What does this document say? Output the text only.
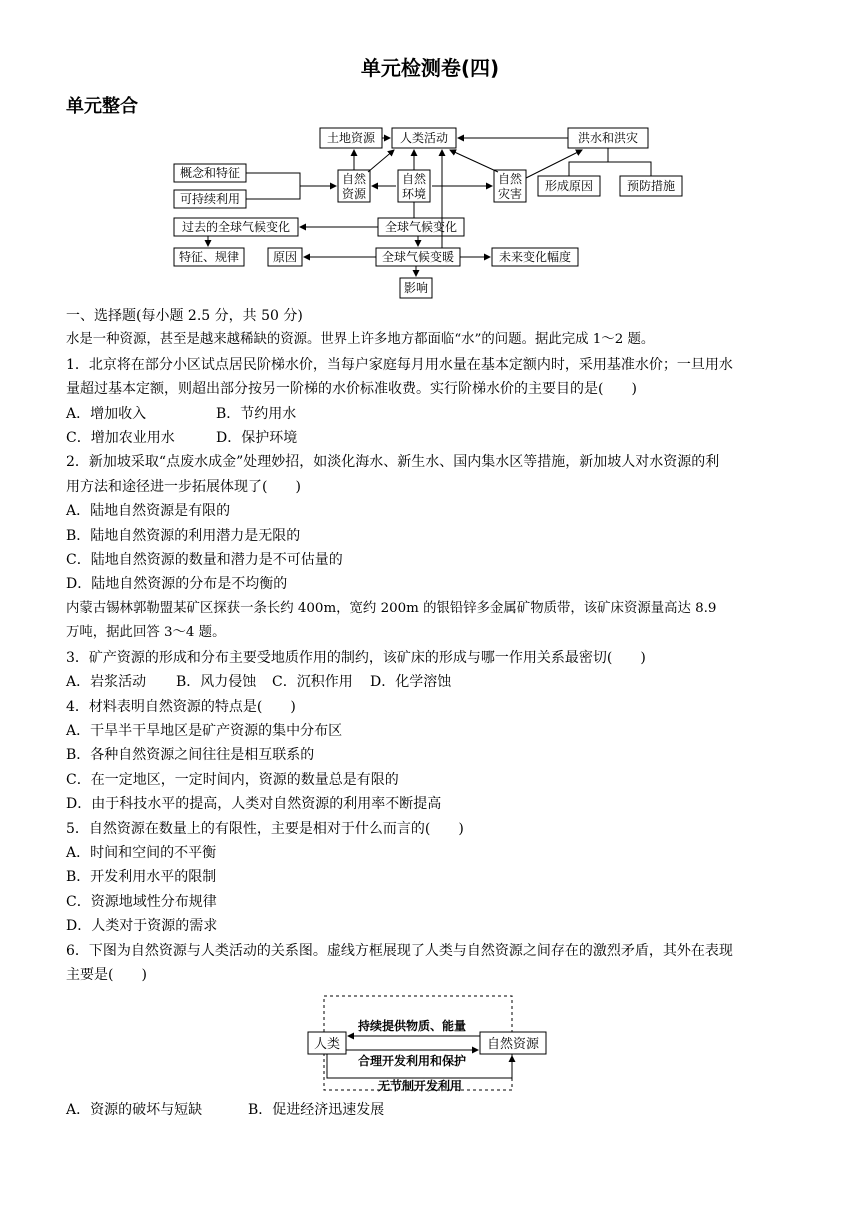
单元检测卷(四)
单元整合
土地资源 人类活动	洪水和洪灾
概念和特征
可持续利用
自然
资源
自然
环境
自然
灾害
形成原因	预防措施
过去的全球气候变化	全球气候变化
特征、规律	原因	全球气候变暖	未来变化幅度
影响

一、选择题(每小题 2.5 分，共 50 分)

水是一种资源，甚至是越来越稀缺的资源。世界上许多地方都面临“水”的问题。据此完成 1～2 题。

1．北京将在部分小区试点居民阶梯水价，当每户家庭每月用水量在基本定额内时，采用基准水价；一旦用水

量超过基本定额，则超出部分按另一阶梯的水价标准收费。实行阶梯水价的主要目的是(　　)

A．增加收入	B．节约用水

C．增加农业用水	D．保护环境

2．新加坡采取“点废水成金”处理妙招，如淡化海水、新生水、国内集水区等措施，新加坡人对水资源的利

用方法和途径进一步拓展体现了(　　)

A．陆地自然资源是有限的

B．陆地自然资源的利用潜力是无限的

C．陆地自然资源的数量和潜力是不可估量的

D．陆地自然资源的分布是不均衡的

内蒙古锡林郭勒盟某矿区探获一条长约 400m，宽约 200m 的银铅锌多金属矿物质带，该矿床资源量高达 8.9

万吨，据此回答 3～4 题。

3．矿产资源的形成和分布主要受地质作用的制约，该矿床的形成与哪一作用关系最密切(　　)

A．岩浆活动 B．风力侵蚀 C．沉积作用 D．化学溶蚀

4．材料表明自然资源的特点是(　　)

A．干旱半干旱地区是矿产资源的集中分布区

B．各种自然资源之间往往是相互联系的

C．在一定地区，一定时间内，资源的数量总是有限的

D．由于科技水平的提高，人类对自然资源的利用率不断提高

5．自然资源在数量上的有限性，主要是相对于什么而言的(　　)

A．时间和空间的不平衡

B．开发利用水平的限制

C．资源地域性分布规律

D．人类对于资源的需求

6．下图为自然资源与人类活动的关系图。虚线方框展现了人类与自然资源之间存在的激烈矛盾，其外在表现

主要是(　　)

人类	自然资源
持续提供物质、能量
合理开发利用和保护
无节制开发利用

A．资源的破坏与短缺	B．促进经济迅速发展
